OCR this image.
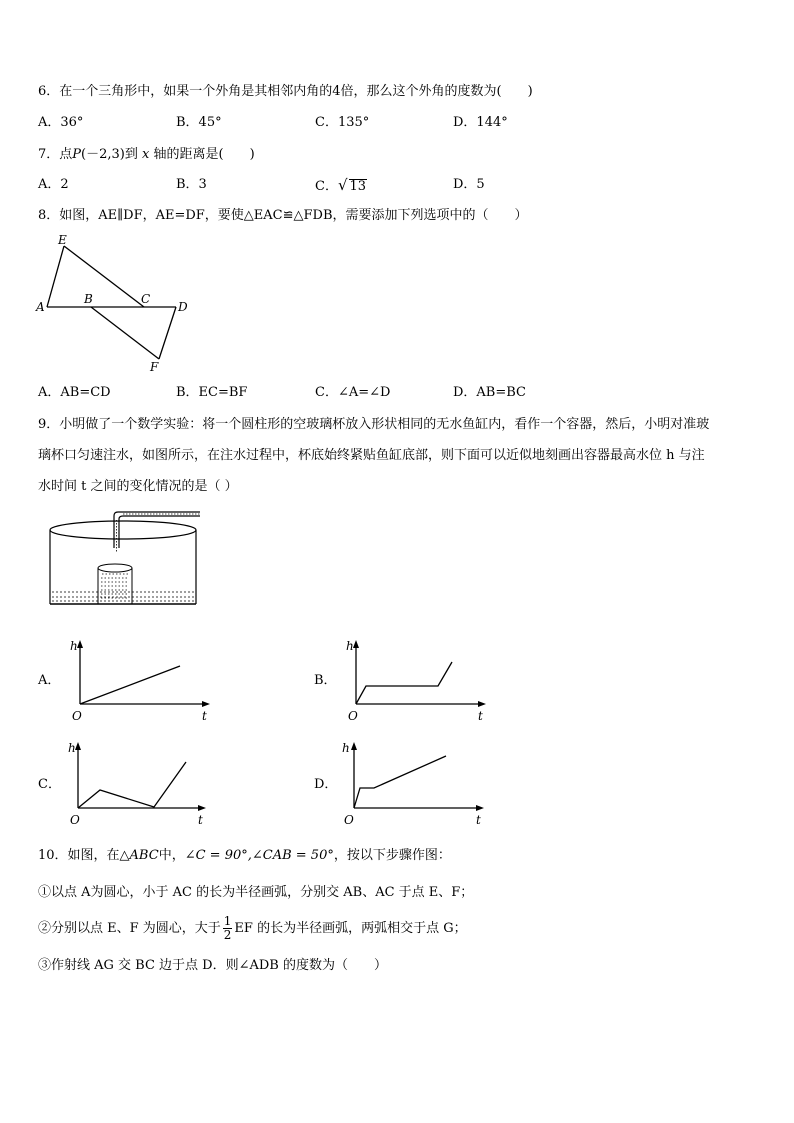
6．在一个三角形中，如果一个外角是其相邻内角的4倍，那么这个外角的度数为(　　)
A．36°	B．45°	C．135°	D．144°
7．点P(－2,3)到 x 轴的距离是(　　)
A．2	B．3	C．√ 13	D．5
8．如图，AE∥DF，AE=DF，要使△EAC≌△FDB，需要添加下列选项中的（　　）
E
A
B	C
D
F
A．AB=CD	B．EC=BF	C．∠A=∠D	D．AB=BC
9．小明做了一个数学实验：将一个圆柱形的空玻璃杯放入形状相同的无水鱼缸内，看作一个容器，然后，小明对准玻
璃杯口匀速注水，如图所示，在注水过程中，杯底始终紧贴鱼缸底部，则下面可以近似地刻画出容器最高水位 h 与注
水时间 t 之间的变化情况的是（ ）
A．
h
O	t
B．
h
O	t
C．
h
O	t
D．
h
O	t
10．如图，在△ABC中，∠C = 90°,∠CAB = 50°，按以下步骤作图：
①以点 A为圆心，小于 AC 的长为半径画弧，分别交 AB、AC 于点 E、F；
②分别以点 E、F 为圆心，大于 $\frac{1}{2}$ EF 的长为半径画弧，两弧相交于点 G；
③作射线 AG 交 BC 边于点 D．则∠ADB 的度数为（　　）
